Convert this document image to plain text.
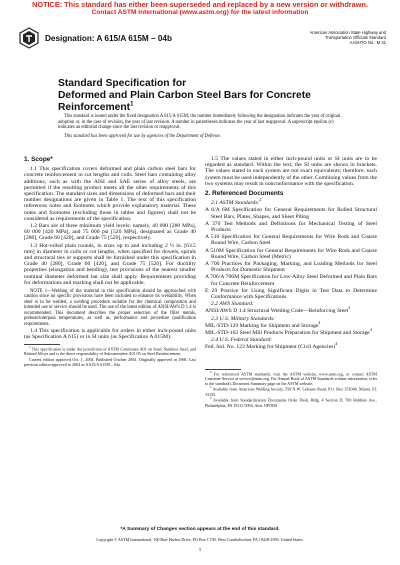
NOTICE: This standard has either been superseded and replaced by a new version or withdrawn.
Contact ASTM International (www.astm.org) for the latest information
Designation: A 615/A 615M – 04b
American Association State Highway and
Transportation Officials Standard
AASHTO No.: M 31
Standard Specification for
Deformed and Plain Carbon Steel Bars for Concrete
Reinforcement$^1$

This standard is issued under the fixed designation A 615/A 615M; the number immediately following the designation indicates the year of original adoption or, in the case of revision, the year of last revision. A number in parentheses indicates the year of last reapproval. A superscript epsilon (ε) indicates an editorial change since the last revision or reapproval.

This standard has been approved for use by agencies of the Department of Defense.

1. Scope*

1.1 This specification covers deformed and plain carbon steel bars for concrete reinforcement in cut lengths and coils. Steel bars containing alloy additions, such as with the AISI and SAE series of alloy steels, are permitted if the resulting product meets all the other requirements of this specification. The standard sizes and dimensions of deformed bars and their number designations are given in Table 1. The text of this specification references notes and footnotes which provide explanatory material. These notes and footnotes (excluding those in tables and figures) shall not be considered as requirements of the specification.

1.2 Bars are of three minimum yield levels: namely, 40 000 [280 MPa], 60 000 [420 MPa], and 75 000 psi [520 MPa], designated as Grade 40 [280], Grade 60 [420], and Grade 75 [520], respectively.

1.3 Hot-rolled plain rounds, in sizes up to and including 2 ½ in. [63.5 mm] in diameter in coils or cut lengths, when specified for dowels, spirals and structural ties or supports shall be furnished under this specification in Grade 40 [280], Grade 60 [420], and Grade 75 [520]. For ductility properties (elongation and bending), test provisions of the nearest smaller nominal diameter deformed bar size shall apply. Requirements providing for deformations and marking shall not be applicable.

NOTE 1—Welding of the material in this specification should be approached with caution since no specific provisions have been included to enhance its weldability. When steel is to be welded, a welding procedure suitable for the chemical composition and intended use or service should be used. The use of the latest edition of ANSI/AWS D 1.4 is recommended. This document describes the proper selection of the filler metals, preheat/interpass temperatures, as well as, performance and procedure qualification requirements.

1.4 This specification is applicable for orders in either inch-pound units (as Specification A 615) or in SI units (as Specification A 615M).

$^1$ This specification is under the jurisdiction of ASTM Committee A01 on Steel, Stainless Steel, and Related Alloys and is the direct responsibility of Subcommittee A01.05 on Steel Reinforcement.

Current edition approved Oct. 1, 2004. Published October 2004. Originally approved in 1968. Last previous edition approved in 2004 as A 615/A 615M – 04a.

1.5 The values stated in either inch-pound units or SI units are to be regarded as standard. Within the text, the SI units are shown in brackets. The values stated in each system are not exact equivalents; therefore, each system must be used independently of the other. Combining values from the two systems may result in nonconformance with the specification.

2. Referenced Documents

2.1 ASTM Standards:$^2$

A 6/A 6M Specification for General Requirements for Rolled Structural Steel Bars, Plates, Shapes, and Sheet Piling

A 370 Test Methods and Definitions for Mechanical Testing of Steel Products

A 510 Specification for General Requirements for Wire Rods and Coarse Round Wire, Carbon Steel

A 510M Specification for General Requirements for Wire Rods and Coarse Round Wire, Carbon Steel (Metric)

A 700 Practices for Packaging, Marking, and Loading Methods for Steel Products for Domestic Shipment

A 706/A 706M Specification for Low-Alloy Steel Deformed and Plain Bars for Concrete Reinforcement

E 29 Practice for Using Significant Digits in Test Data to Determine Conformance with Specifications

2.2 AWS Standard:

ANSI/AWS D 1.4 Structural Welding Code—Reinforcing Steel$^3$

2.3 U.S. Military Standards:

MIL-STD-129 Marking for Shipment and Storage$^4$

MIL-STD-163 Steel Mill Products Preparation for Shipment and Storage$^4$

2.4 U.S. Federal Standard:

Fed. Std. No. 123 Marking for Shipment (Civil Agencies)$^4$

$^2$ For referenced ASTM standards, visit the ASTM website, www.astm.org, or contact ASTM Customer Service at service@astm.org. For Annual Book of ASTM Standards volume information, refer to the standard's Document Summary page on the ASTM website.

$^3$ Available from American Welding Society, 550 N.W. LeJeune Road, P.O. Box 351040, Miami, FL 33135.

$^4$ Available from Standardization Documents Order Desk, Bldg. 4 Section D, 700 Robbins Ave., Philadelphia, PA 19111-5094, Attn: NPODS.

*A Summary of Changes section appears at the end of this standard.
Copyright © ASTM International, 100 Barr Harbor Drive, PO Box C700, West Conshohocken, PA 19428-2959, United States.
1
